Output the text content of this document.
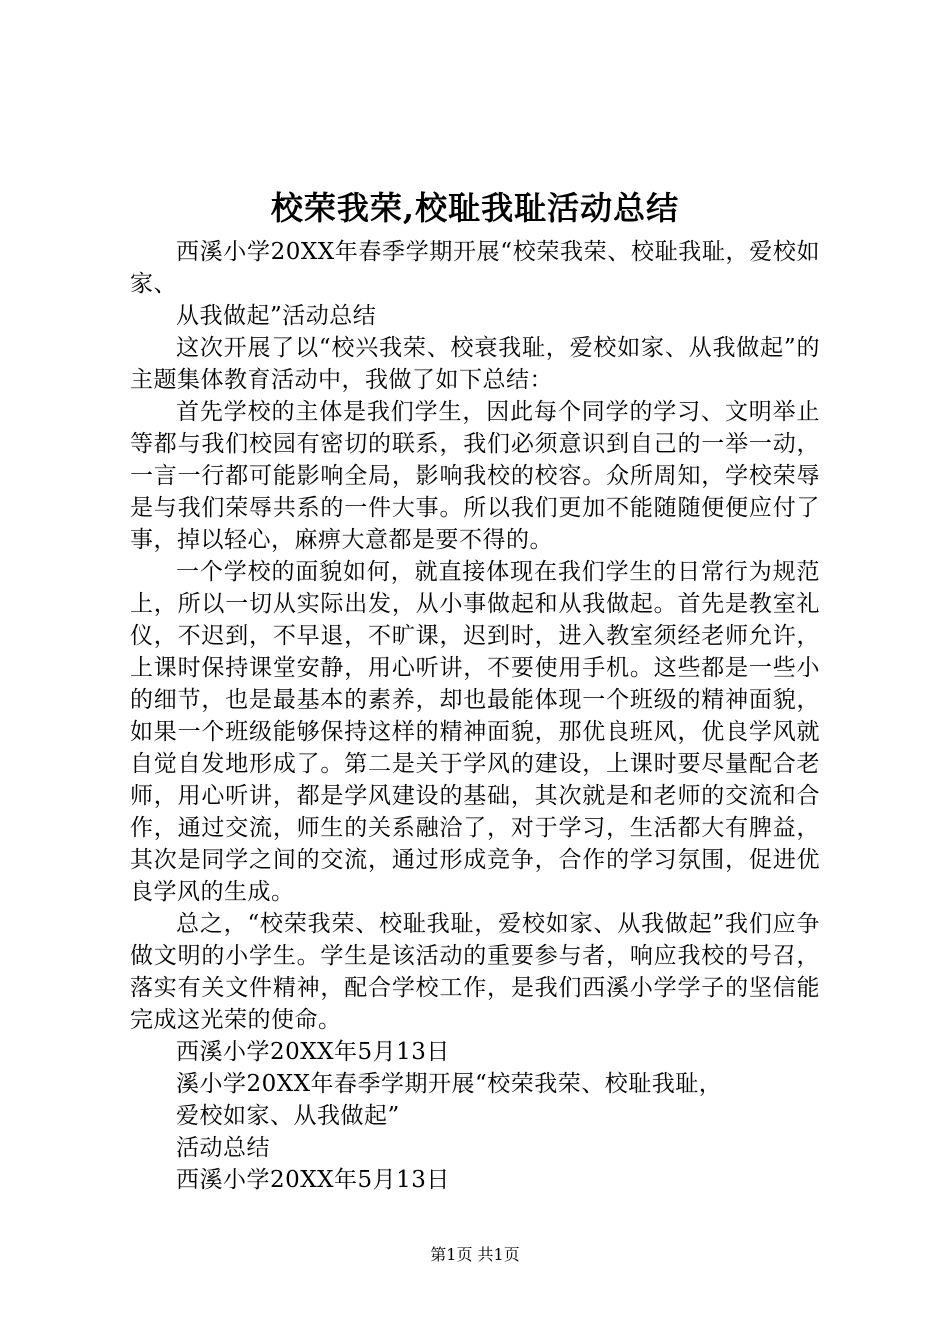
校荣我荣,校耻我耻活动总结

西溪小学20XX年春季学期开展“校荣我荣、校耻我耻，爱校如家、

从我做起”活动总结

这次开展了以“校兴我荣、校衰我耻，爱校如家、从我做起”的主题集体教育活动中，我做了如下总结：

首先学校的主体是我们学生，因此每个同学的学习、文明举止等都与我们校园有密切的联系，我们必须意识到自己的一举一动，一言一行都可能影响全局，影响我校的校容。众所周知，学校荣辱是与我们荣辱共系的一件大事。所以我们更加不能随随便便应付了事，掉以轻心，麻痹大意都是要不得的。

一个学校的面貌如何，就直接体现在我们学生的日常行为规范上，所以一切从实际出发，从小事做起和从我做起。首先是教室礼仪，不迟到，不早退，不旷课，迟到时，进入教室须经老师允许，上课时保持课堂安静，用心听讲，不要使用手机。这些都是一些小的细节，也是最基本的素养，却也最能体现一个班级的精神面貌，如果一个班级能够保持这样的精神面貌，那优良班风，优良学风就自觉自发地形成了。第二是关于学风的建设，上课时要尽量配合老师，用心听讲，都是学风建设的基础，其次就是和老师的交流和合作，通过交流，师生的关系融洽了，对于学习，生活都大有脾益，其次是同学之间的交流，通过形成竞争，合作的学习氛围，促进优良学风的生成。

总之，“校荣我荣、校耻我耻，爱校如家、从我做起”我们应争做文明的小学生。学生是该活动的重要参与者，响应我校的号召，落实有关文件精神，配合学校工作，是我们西溪小学学子的坚信能完成这光荣的使命。

西溪小学20XX年5月13日

溪小学20XX年春季学期开展“校荣我荣、校耻我耻，

爱校如家、从我做起”

活动总结

西溪小学20XX年5月13日

第1页 共1页
